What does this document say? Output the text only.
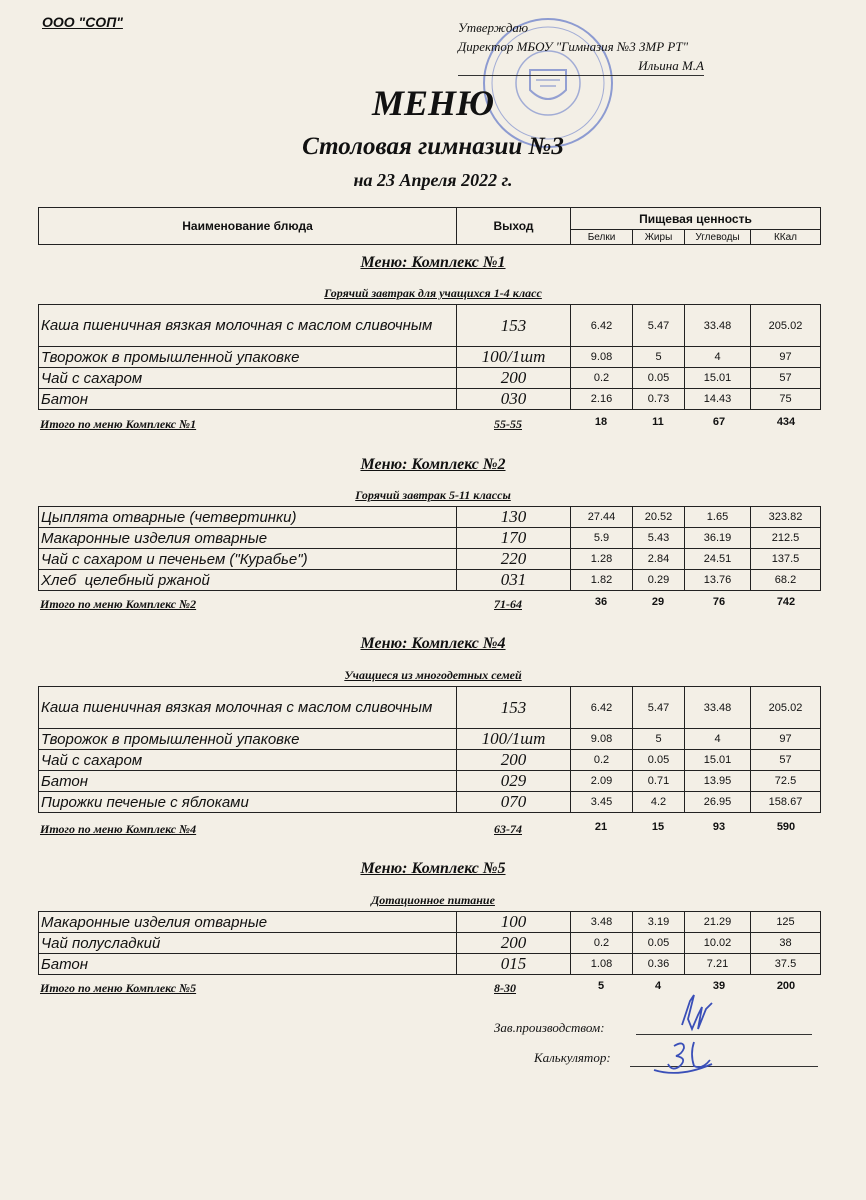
ООО "СОП"	Утверждаю
Директор МБОУ "Гимназия №3 ЗМР РТ"
Ильина М.А
МЕНЮ
Столовая гимназии №3
на 23 Апреля 2022 г.
Наименование блюда	Выход	Пищевая ценность			
		Белки	Жиры	Углеводы	ККал
Меню: Комплекс №1
Горячий завтрак для учащихся 1-4 класс
Каша пшеничная вязкая молочная с маслом сливочным	153	6.42	5.47	33.48	205.02
Творожок в промышленной упаковке	100/1шт	9.08	5	4	97
Чай с сахаром	200	0.2	0.05	15.01	57
Батон	030	2.16	0.73	14.43	75
Итого по меню Комплекс №1	55-55	18	11	67	434
Меню: Комплекс №2
Горячий завтрак 5-11 классы
Цыплята отварные (четвертинки)	130	27.44	20.52	1.65	323.82
Макаронные изделия отварные	170	5.9	5.43	36.19	212.5
Чай с сахаром и печеньем ("Курабье")	220	1.28	2.84	24.51	137.5
Хлеб  целебный ржаной	031	1.82	0.29	13.76	68.2
Итого по меню Комплекс №2	71-64	36	29	76	742
Меню: Комплекс №4
Учащиеся из многодетных семей
Каша пшеничная вязкая молочная с маслом сливочным	153	6.42	5.47	33.48	205.02
Творожок в промышленной упаковке	100/1шт	9.08	5	4	97
Чай с сахаром	200	0.2	0.05	15.01	57
Батон	029	2.09	0.71	13.95	72.5
Пирожки печеные с яблоками	070	3.45	4.2	26.95	158.67
Итого по меню Комплекс №4	63-74	21	15	93	590
Меню: Комплекс №5
Дотационное питание
Макаронные изделия отварные	100	3.48	3.19	21.29	125
Чай полусладкий	200	0.2	0.05	10.02	38
Батон	015	1.08	0.36	7.21	37.5
Итого по меню Комплекс №5	8-30	5	4	39	200
Зав.производством:
Калькулятор:
